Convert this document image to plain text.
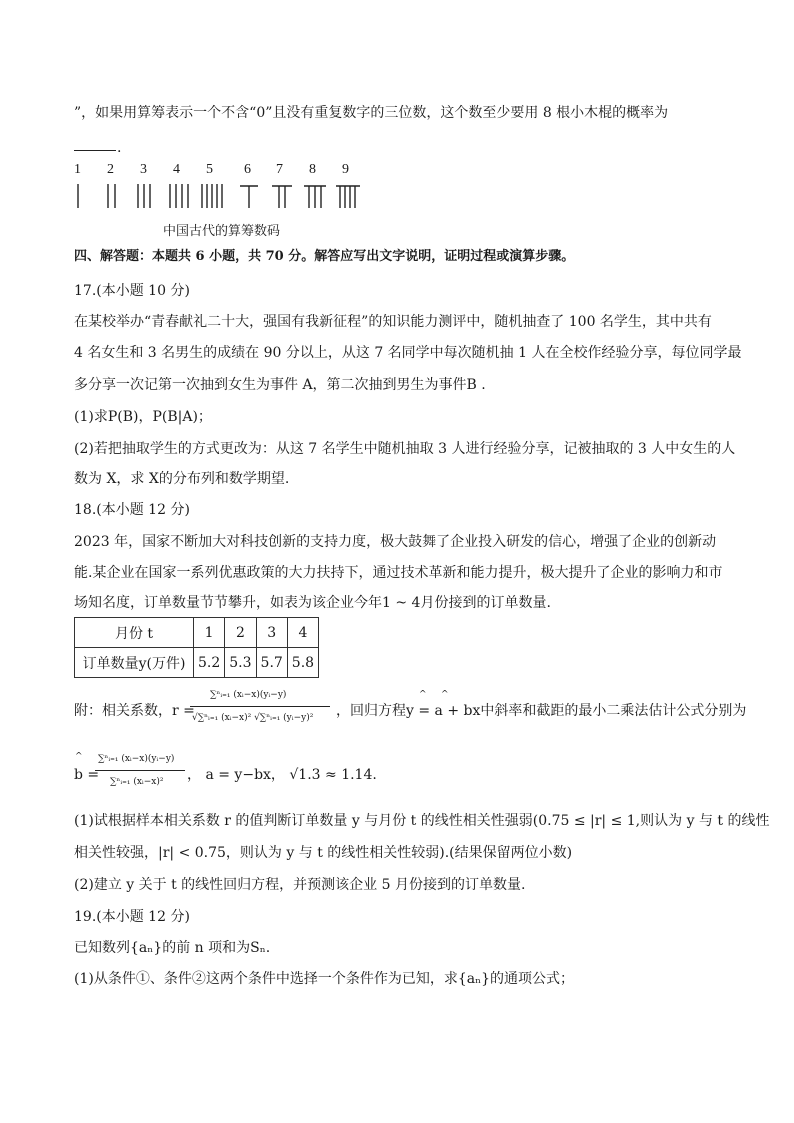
”，如果用算筹表示一个不含“0”且没有重复数字的三位数，这个数至少要用 8 根小木棍的概率为
.
1 2 3 4 5 6 7 8 9
中国古代的算筹数码
四、解答题：本题共 6 小题，共 70 分。解答应写出文字说明，证明过程或演算步骤。
17.(本小题 10 分)
在某校举办“青春献礼二十大，强国有我新征程”的知识能力测评中，随机抽查了 100 名学生，其中共有
4 名女生和 3 名男生的成绩在 90 分以上，从这 7 名同学中每次随机抽 1 人在全校作经验分享，每位同学最
多分享一次记第一次抽到女生为事件 A，第二次抽到男生为事件B .
(1)求P(B)，P(B|A)；
(2)若把抽取学生的方式更改为：从这 7 名学生中随机抽取 3 人进行经验分享，记被抽取的 3 人中女生的人
数为 X，求 X的分布列和数学期望.
18.(本小题 12 分)
2023 年，国家不断加大对科技创新的支持力度，极大鼓舞了企业投入研发的信心，增强了企业的创新动
能.某企业在国家一系列优惠政策的大力扶持下，通过技术革新和能力提升，极大提升了企业的影响力和市
场知名度，订单数量节节攀升，如表为该企业今年1 ~ 4月份接到的订单数量.
月份 t	1	2	3	4
订单数量y(万件)	5.2	5.3	5.7	5.8
附：相关系数，r =
∑ⁿᵢ₌₁ (xᵢ−x)(yᵢ−y)
√∑ⁿᵢ₌₁ (xᵢ−x)² √∑ⁿᵢ₌₁ (yᵢ−y)² ，回归方程y = a + bx中斜率和截距的最小二乘法估计公式分别为
^ ^
^
b =
∑ⁿᵢ₌₁ (xᵢ−x)(yᵢ−y)
∑ⁿᵢ₌₁ (xᵢ−x)² ， a = y−bx， √1.3 ≈ 1.14.
(1)试根据样本相关系数 r 的值判断订单数量 y 与月份 t 的线性相关性强弱(0.75 ≤ |r| ≤ 1,则认为 y 与 t 的线性
相关性较强，|r| < 0.75，则认为 y 与 t 的线性相关性较弱).(结果保留两位小数)
(2)建立 y 关于 t 的线性回归方程，并预测该企业 5 月份接到的订单数量.
19.(本小题 12 分)
已知数列{aₙ}的前 n 项和为Sₙ.
(1)从条件①、条件②这两个条件中选择一个条件作为已知，求{aₙ}的通项公式；
